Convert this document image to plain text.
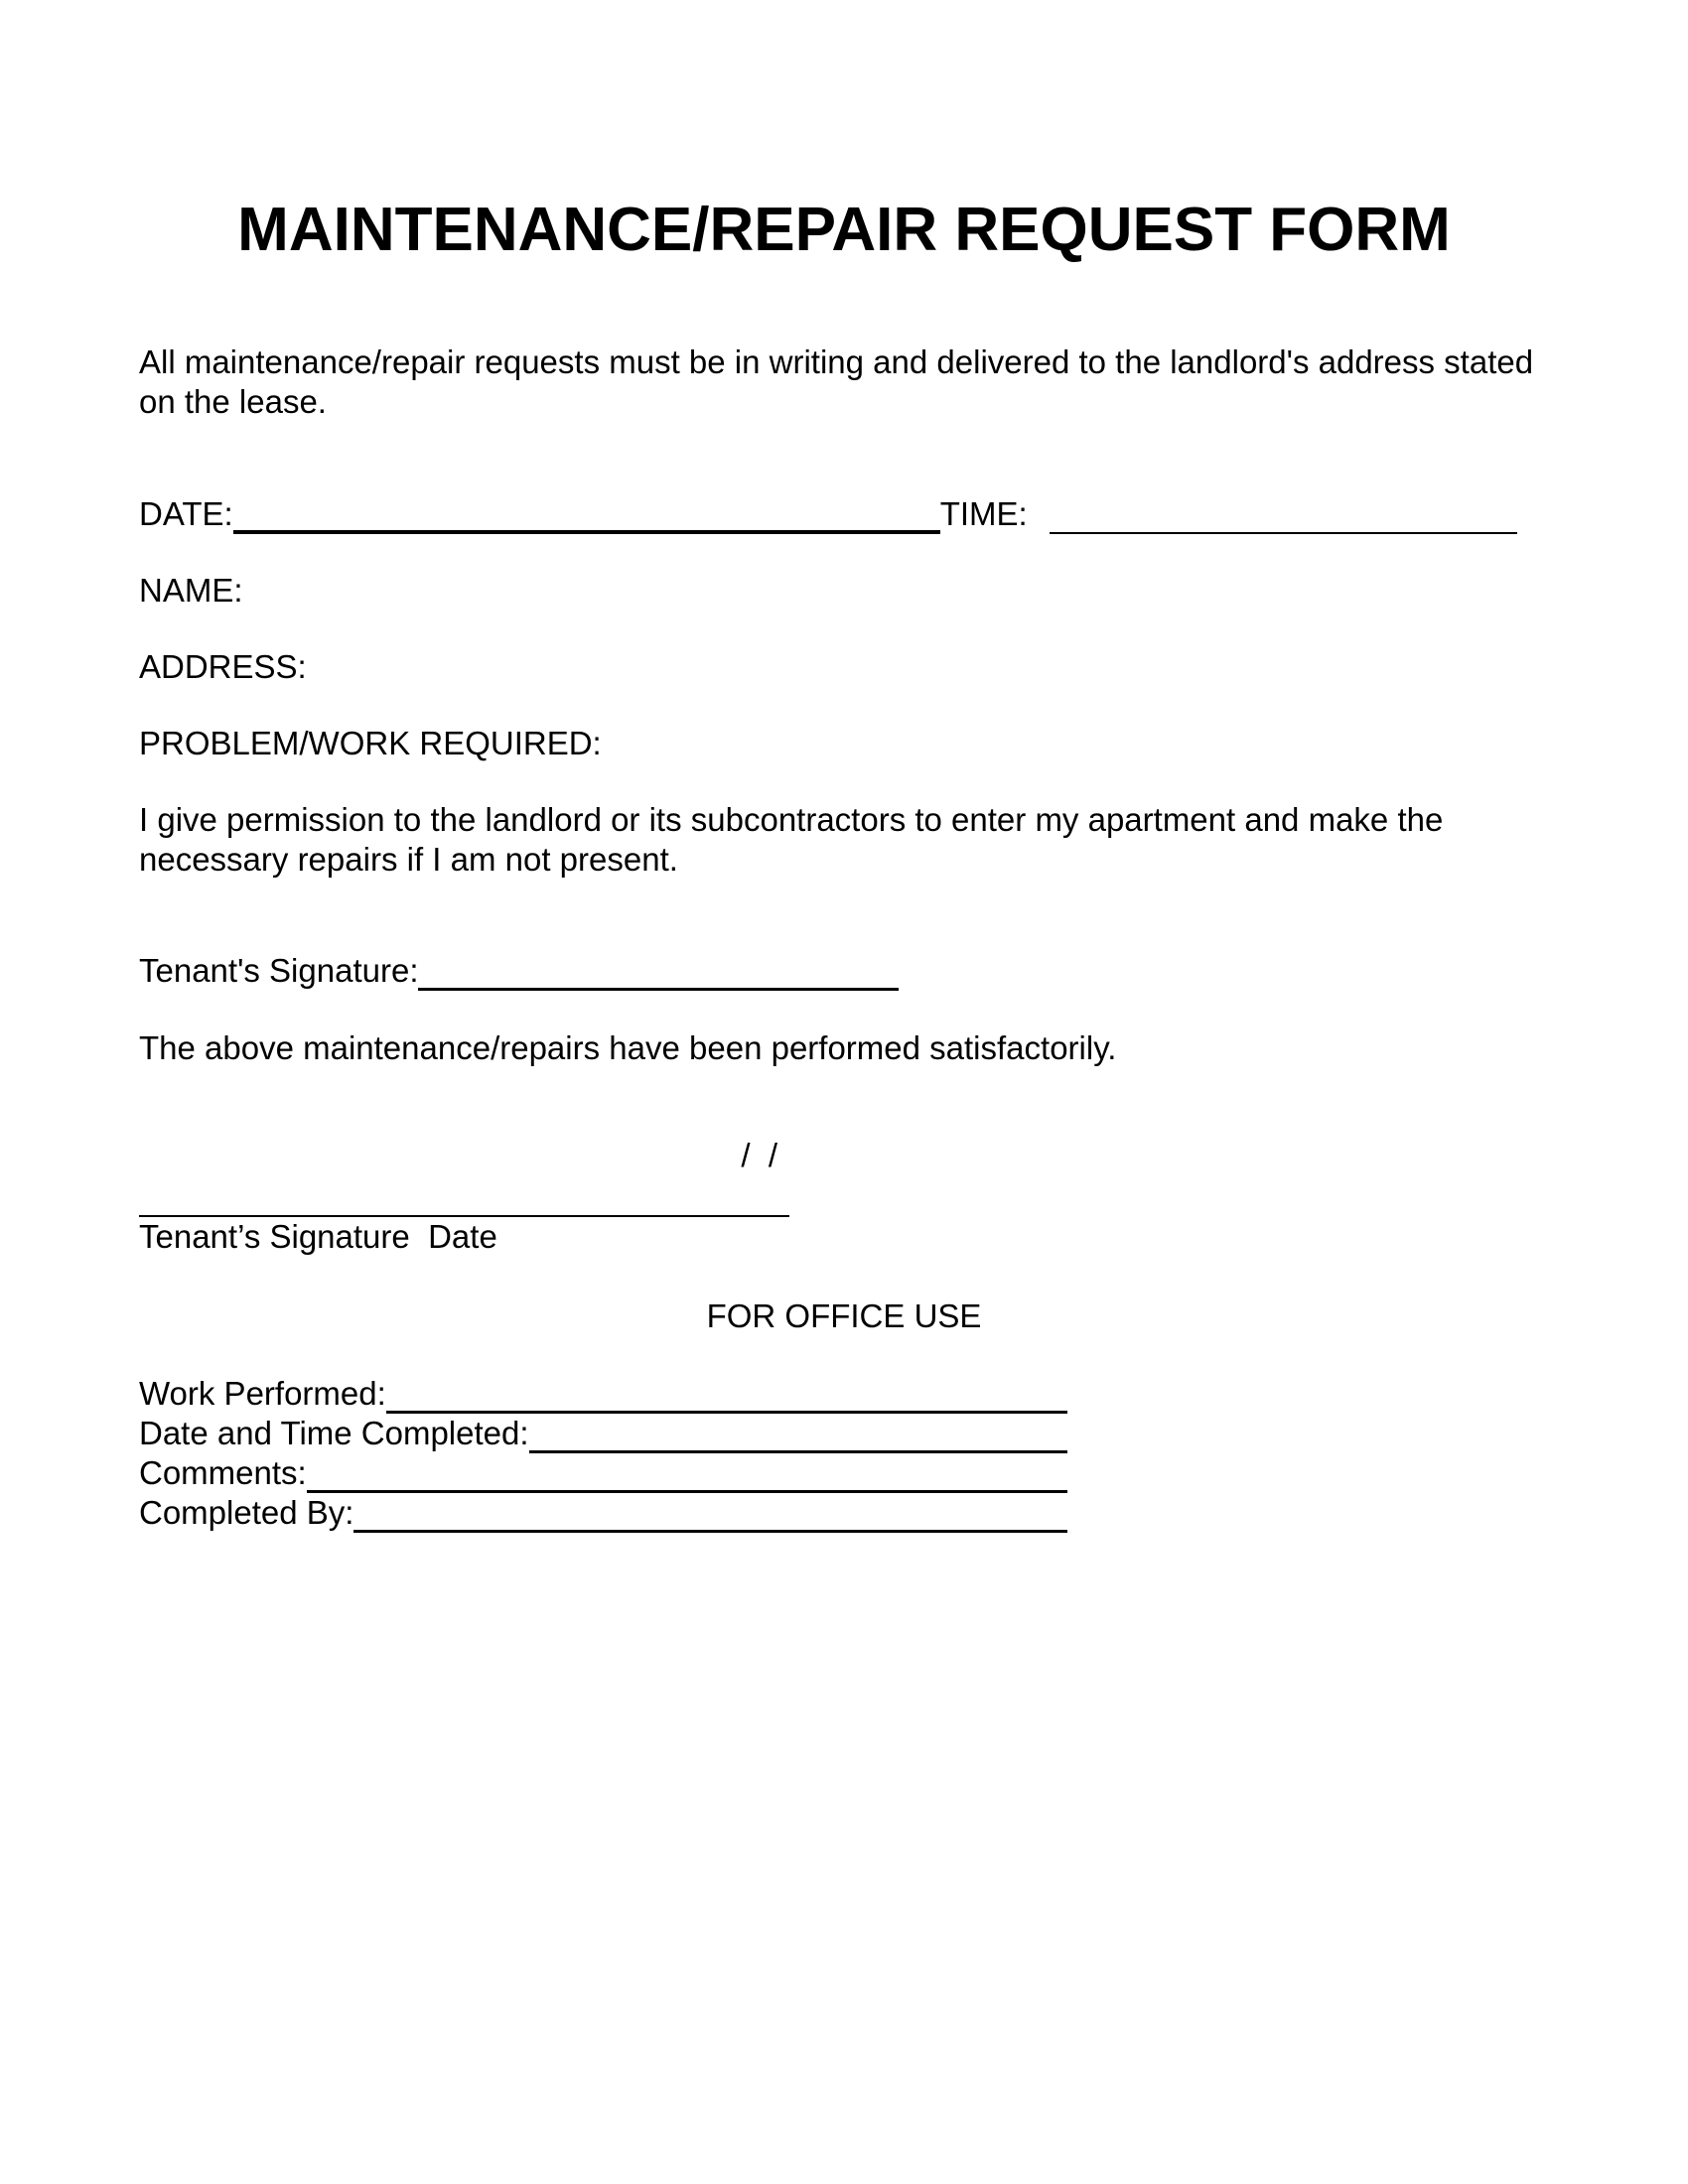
MAINTENANCE/REPAIR REQUEST FORM

All maintenance/repair requests must be in writing and delivered to the landlord's address stated on the lease.

DATE:	TIME:
NAME:
ADDRESS:
PROBLEM/WORK REQUIRED:

I give permission to the landlord or its subcontractors to enter my apartment and make the necessary repairs if I am not present.

Tenant's Signature:

The above maintenance/repairs have been performed satisfactorily.

/  /

Tenant’s Signature  Date
FOR OFFICE USE
Work Performed:
Date and Time Completed:
Comments:
Completed By:
